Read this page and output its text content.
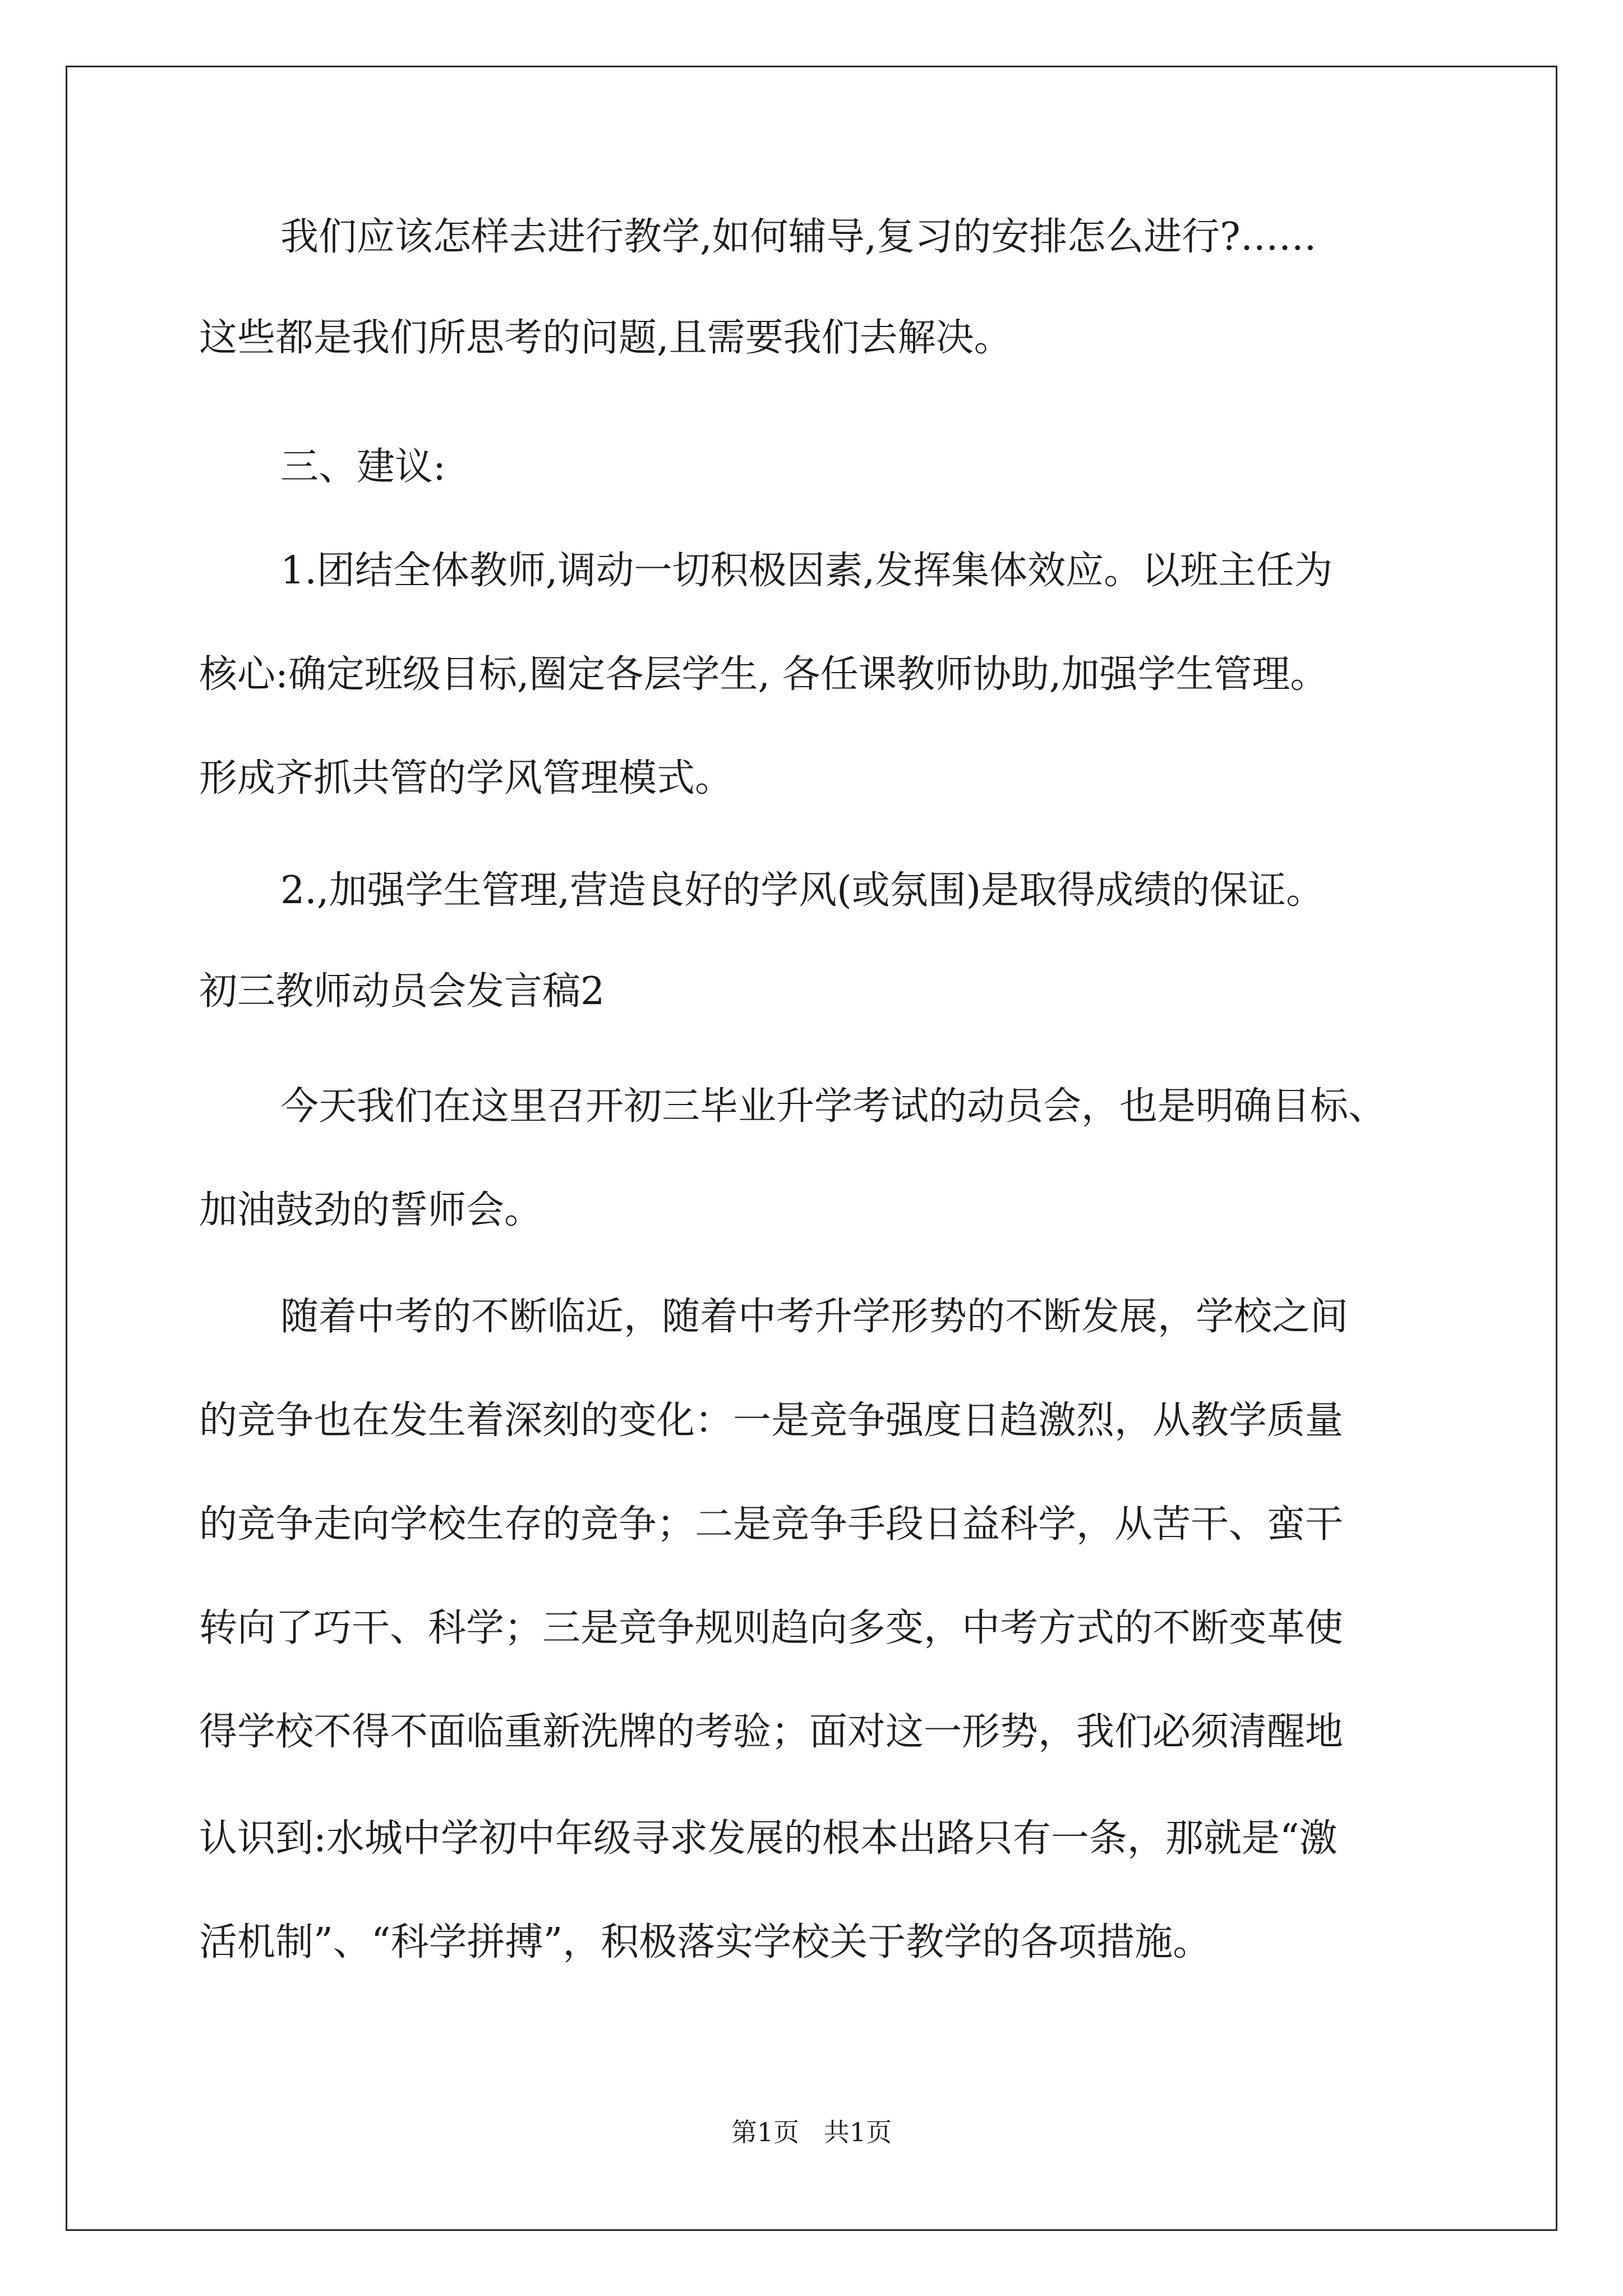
我们应该怎样去进行教学,如何辅导,复习的安排怎么进行?……
这些都是我们所思考的问题,且需要我们去解决。
三、建议:
1.团结全体教师,调动一切积极因素,发挥集体效应。以班主任为
核心:确定班级目标,圈定各层学生, 各任课教师协助,加强学生管理。
形成齐抓共管的学风管理模式。
2.,加强学生管理,营造良好的学风(或氛围)是取得成绩的保证。
初三教师动员会发言稿2
今天我们在这里召开初三毕业升学考试的动员会，也是明确目标、
加油鼓劲的誓师会。
随着中考的不断临近，随着中考升学形势的不断发展，学校之间
的竞争也在发生着深刻的变化：一是竞争强度日趋激烈，从教学质量
的竞争走向学校生存的竞争；二是竞争手段日益科学，从苦干、蛮干
转向了巧干、科学；三是竞争规则趋向多变，中考方式的不断变革使
得学校不得不面临重新洗牌的考验；面对这一形势，我们必须清醒地
认识到:水城中学初中年级寻求发展的根本出路只有一条，那就是“激
活机制”、“科学拼搏”，积极落实学校关于教学的各项措施。
第1页   共1页
